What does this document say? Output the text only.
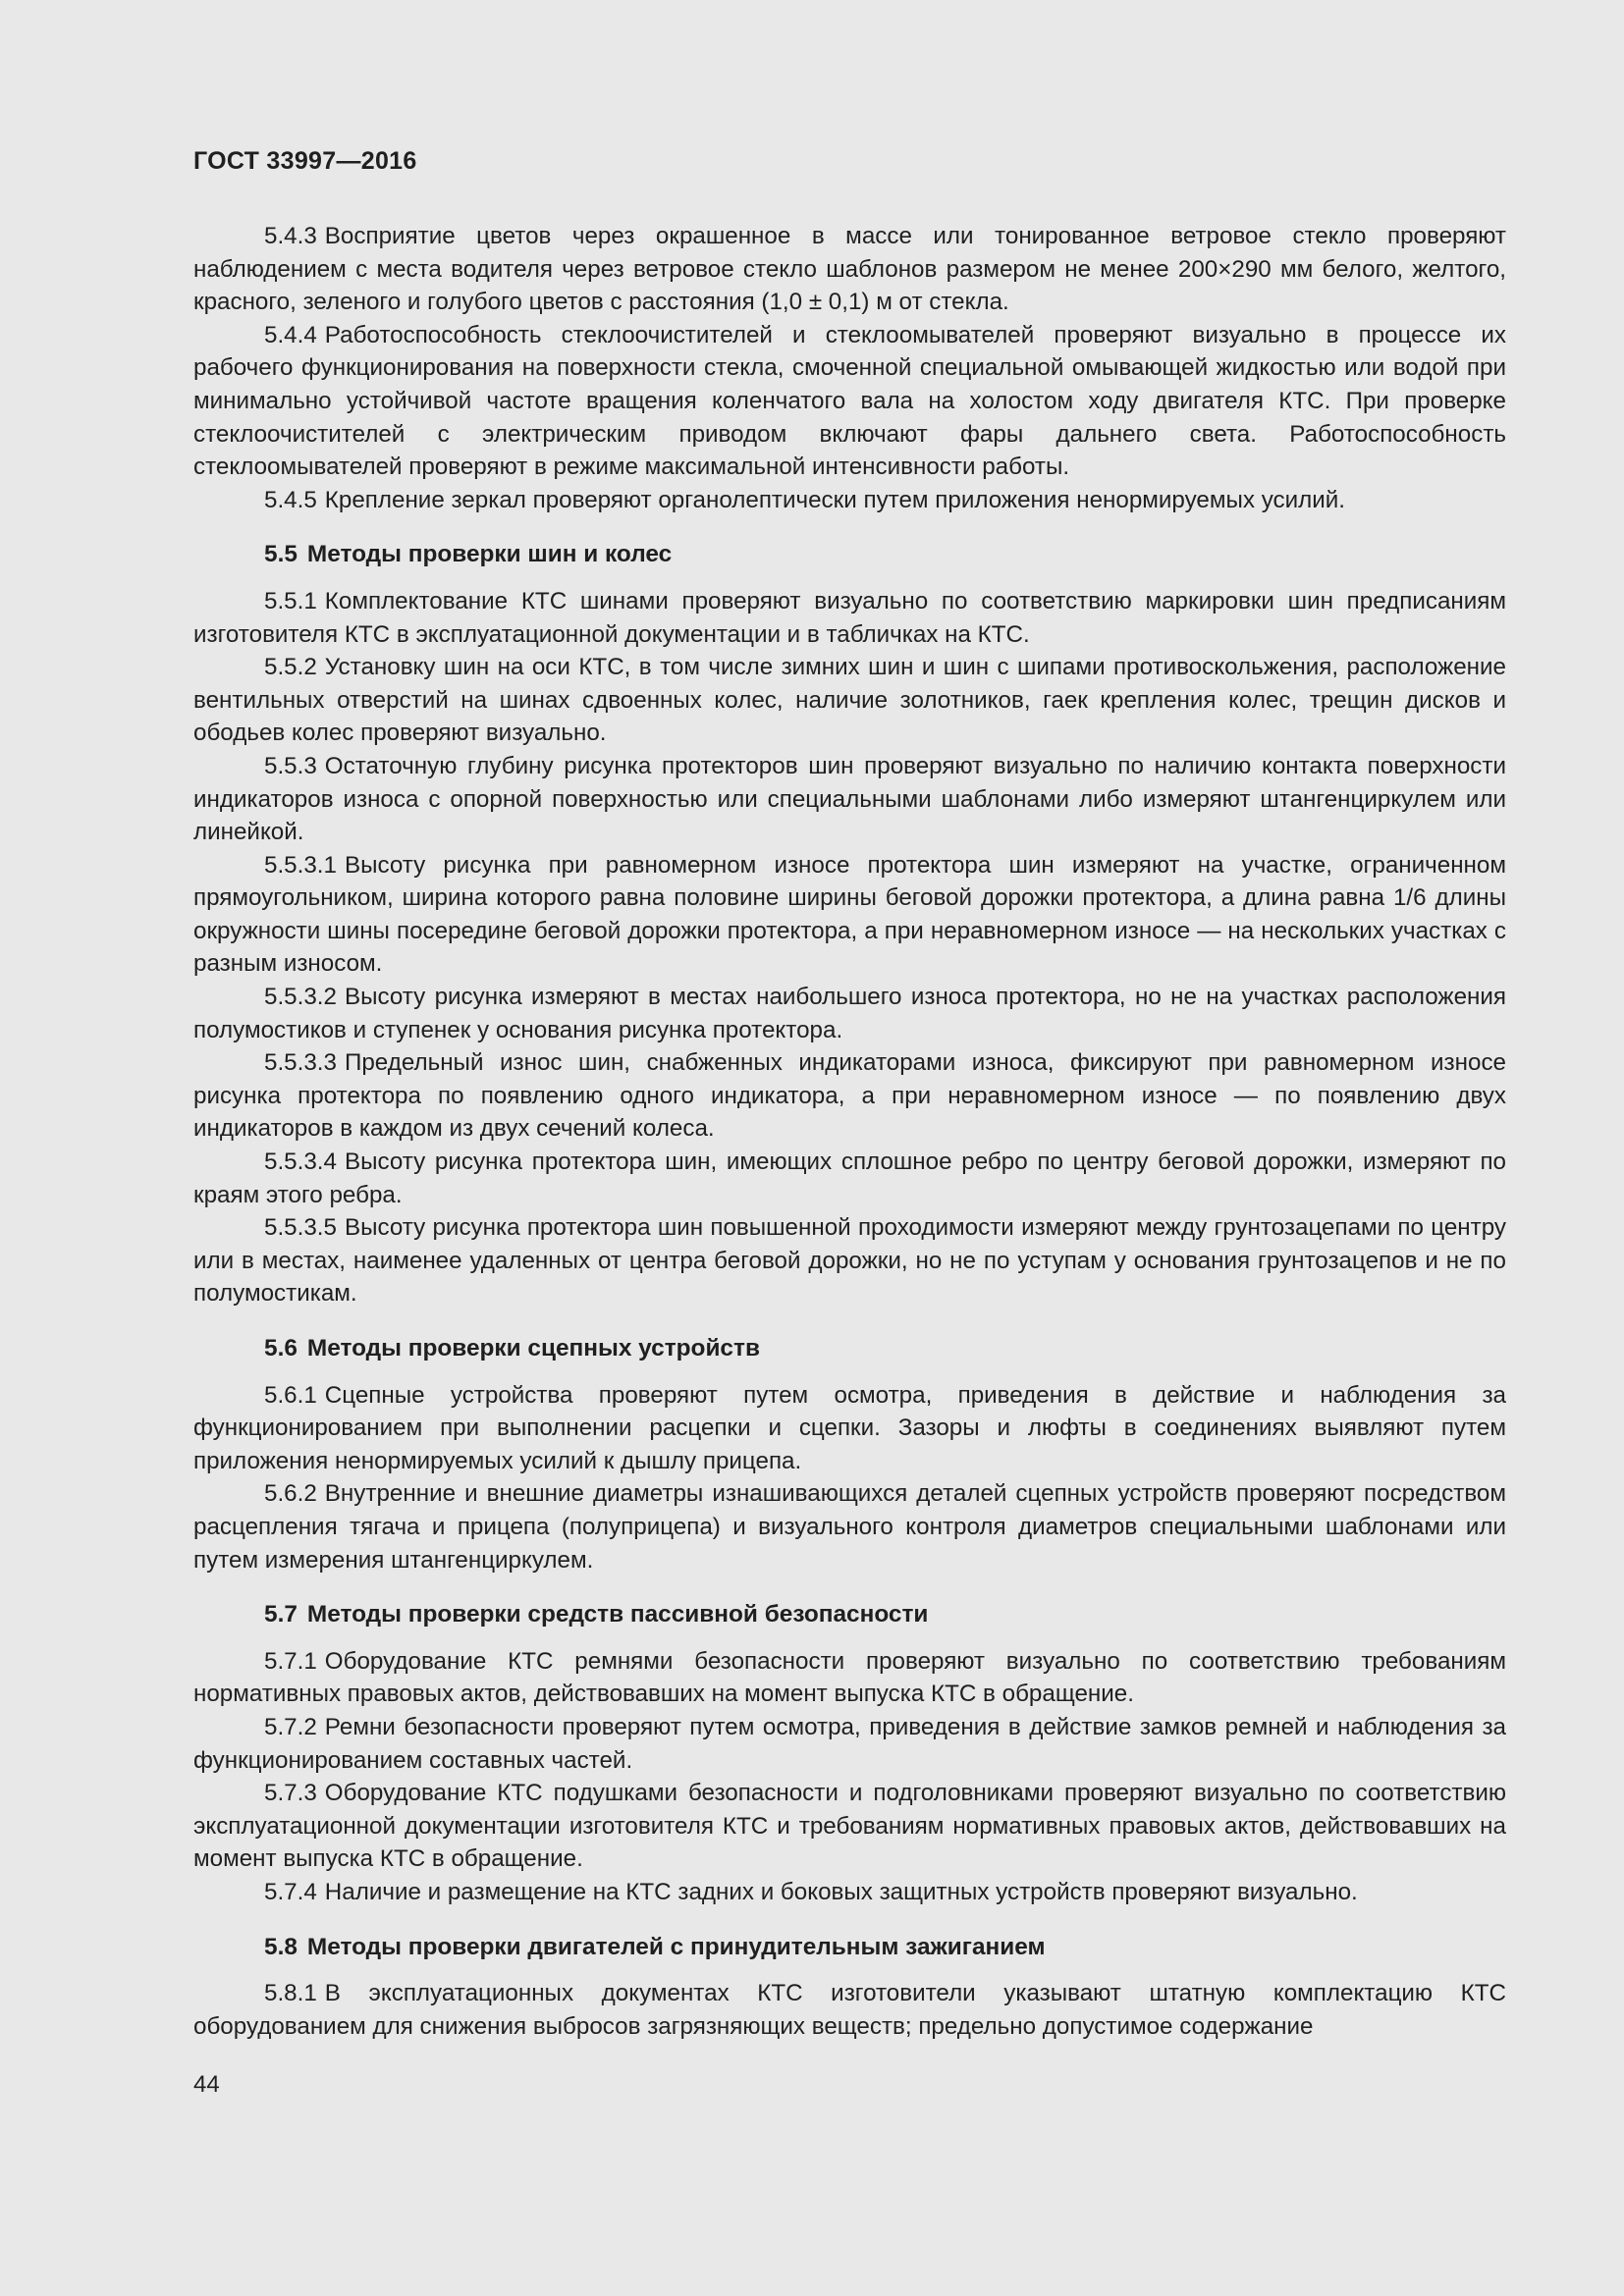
ГОСТ 33997—2016

5.4.3 Восприятие цветов через окрашенное в массе или тонированное ветровое стекло проверяют наблюдением с места водителя через ветровое стекло шаблонов размером не менее 200×290 мм белого, желтого, красного, зеленого и голубого цветов с расстояния (1,0 ± 0,1) м от стекла.

5.4.4 Работоспособность стеклоочистителей и стеклоомывателей проверяют визуально в процессе их рабочего функционирования на поверхности стекла, смоченной специальной омывающей жидкостью или водой при минимально устойчивой частоте вращения коленчатого вала на холостом ходу двигателя КТС. При проверке стеклоочистителей с электрическим приводом включают фары дальнего света. Работоспособность стеклоомывателей проверяют в режиме максимальной интенсивности работы.

5.4.5 Крепление зеркал проверяют органолептически путем приложения ненормируемых усилий.

5.5 Методы проверки шин и колес

5.5.1 Комплектование КТС шинами проверяют визуально по соответствию маркировки шин предписаниям изготовителя КТС в эксплуатационной документации и в табличках на КТС.

5.5.2 Установку шин на оси КТС, в том числе зимних шин и шин с шипами противоскольжения, расположение вентильных отверстий на шинах сдвоенных колес, наличие золотников, гаек крепления колес, трещин дисков и ободьев колес проверяют визуально.

5.5.3 Остаточную глубину рисунка протекторов шин проверяют визуально по наличию контакта поверхности индикаторов износа с опорной поверхностью или специальными шаблонами либо измеряют штангенциркулем или линейкой.

5.5.3.1 Высоту рисунка при равномерном износе протектора шин измеряют на участке, ограниченном прямоугольником, ширина которого равна половине ширины беговой дорожки протектора, а длина равна 1/6 длины окружности шины посередине беговой дорожки протектора, а при неравномерном износе — на нескольких участках с разным износом.

5.5.3.2 Высоту рисунка измеряют в местах наибольшего износа протектора, но не на участках расположения полумостиков и ступенек у основания рисунка протектора.

5.5.3.3 Предельный износ шин, снабженных индикаторами износа, фиксируют при равномерном износе рисунка протектора по появлению одного индикатора, а при неравномерном износе — по появлению двух индикаторов в каждом из двух сечений колеса.

5.5.3.4 Высоту рисунка протектора шин, имеющих сплошное ребро по центру беговой дорожки, измеряют по краям этого ребра.

5.5.3.5 Высоту рисунка протектора шин повышенной проходимости измеряют между грунтозацепами по центру или в местах, наименее удаленных от центра беговой дорожки, но не по уступам у основания грунтозацепов и не по полумостикам.

5.6 Методы проверки сцепных устройств

5.6.1 Сцепные устройства проверяют путем осмотра, приведения в действие и наблюдения за функционированием при выполнении расцепки и сцепки. Зазоры и люфты в соединениях выявляют путем приложения ненормируемых усилий к дышлу прицепа.

5.6.2 Внутренние и внешние диаметры изнашивающихся деталей сцепных устройств проверяют посредством расцепления тягача и прицепа (полуприцепа) и визуального контроля диаметров специальными шаблонами или путем измерения штангенциркулем.

5.7 Методы проверки средств пассивной безопасности

5.7.1 Оборудование КТС ремнями безопасности проверяют визуально по соответствию требованиям нормативных правовых актов, действовавших на момент выпуска КТС в обращение.

5.7.2 Ремни безопасности проверяют путем осмотра, приведения в действие замков ремней и наблюдения за функционированием составных частей.

5.7.3 Оборудование КТС подушками безопасности и подголовниками проверяют визуально по соответствию эксплуатационной документации изготовителя КТС и требованиям нормативных правовых актов, действовавших на момент выпуска КТС в обращение.

5.7.4 Наличие и размещение на КТС задних и боковых защитных устройств проверяют визуально.

5.8 Методы проверки двигателей с принудительным зажиганием

5.8.1 В эксплуатационных документах КТС изготовители указывают штатную комплектацию КТС оборудованием для снижения выбросов загрязняющих веществ; предельно допустимое содержание

44
